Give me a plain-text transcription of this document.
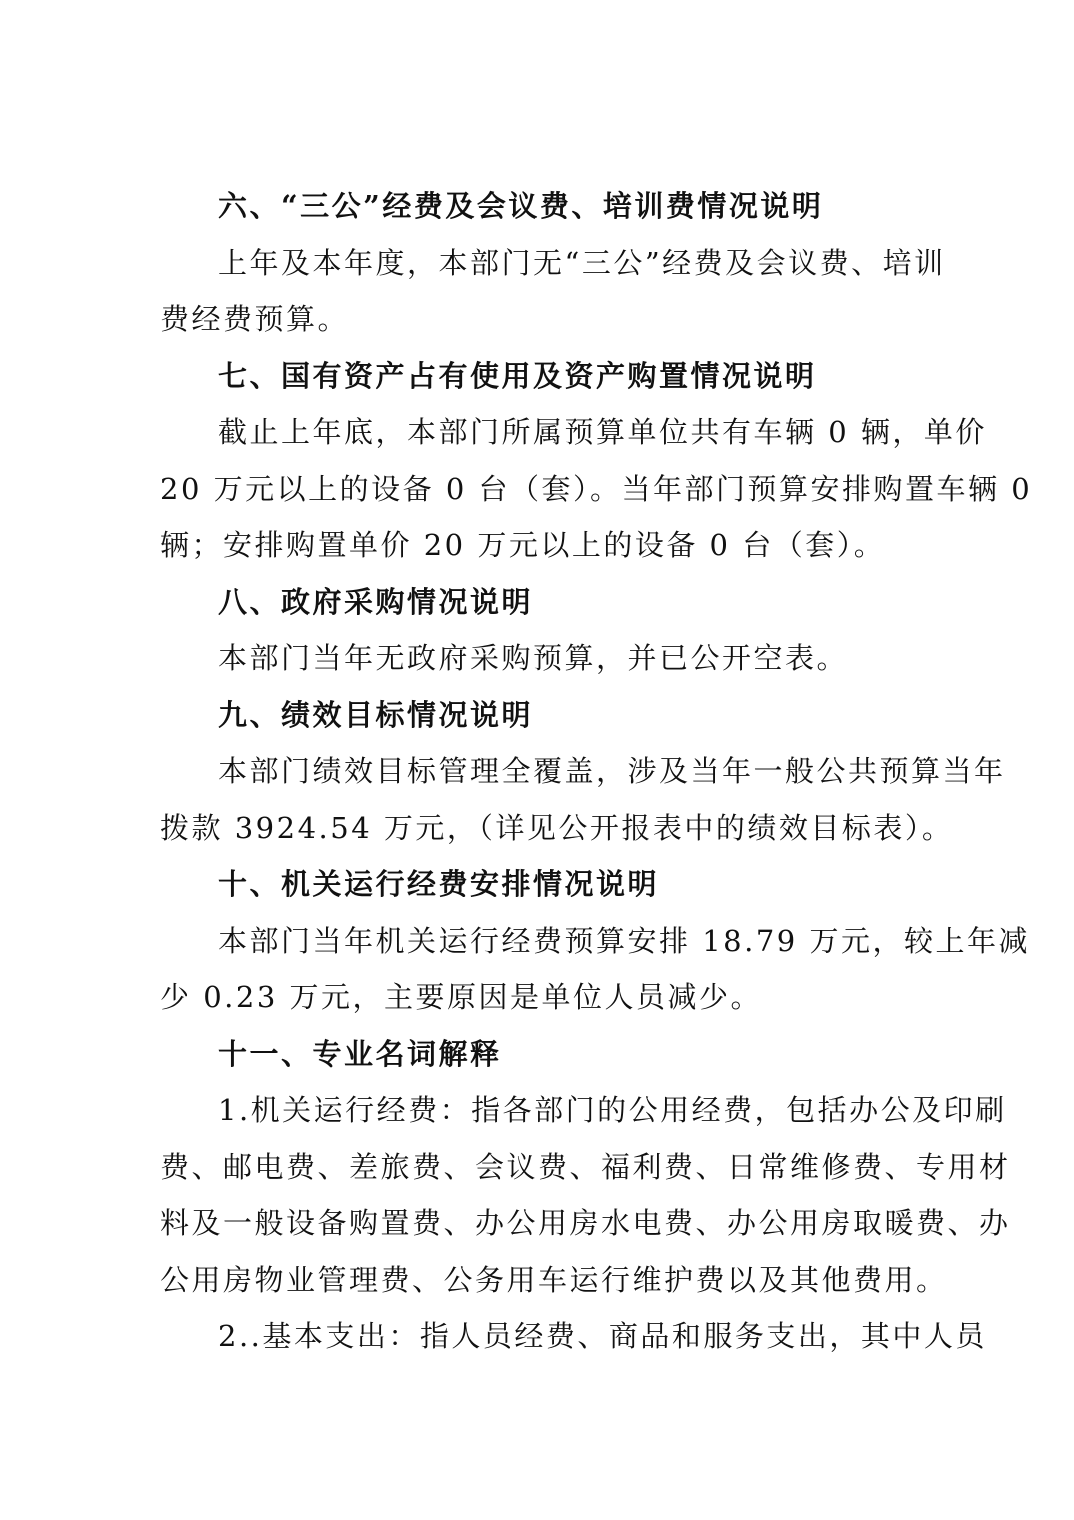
六、“三公”经费及会议费、培训费情况说明
上年及本年度，本部门无“三公”经费及会议费、培训
费经费预算。
七、国有资产占有使用及资产购置情况说明
截止上年底，本部门所属预算单位共有车辆 0 辆，单价
20 万元以上的设备 0 台（套）。当年部门预算安排购置车辆 0
辆；安排购置单价 20 万元以上的设备 0 台（套）。
八、政府采购情况说明
本部门当年无政府采购预算，并已公开空表。
九、绩效目标情况说明
本部门绩效目标管理全覆盖，涉及当年一般公共预算当年
拨款 3924.54 万元，（详见公开报表中的绩效目标表）。
十、机关运行经费安排情况说明
本部门当年机关运行经费预算安排 18.79 万元，较上年减
少 0.23 万元，主要原因是单位人员减少。
十一、专业名词解释
1.机关运行经费：指各部门的公用经费，包括办公及印刷
费、邮电费、差旅费、会议费、福利费、日常维修费、专用材
料及一般设备购置费、办公用房水电费、办公用房取暖费、办
公用房物业管理费、公务用车运行维护费以及其他费用。
2..基本支出：指人员经费、商品和服务支出，其中人员
